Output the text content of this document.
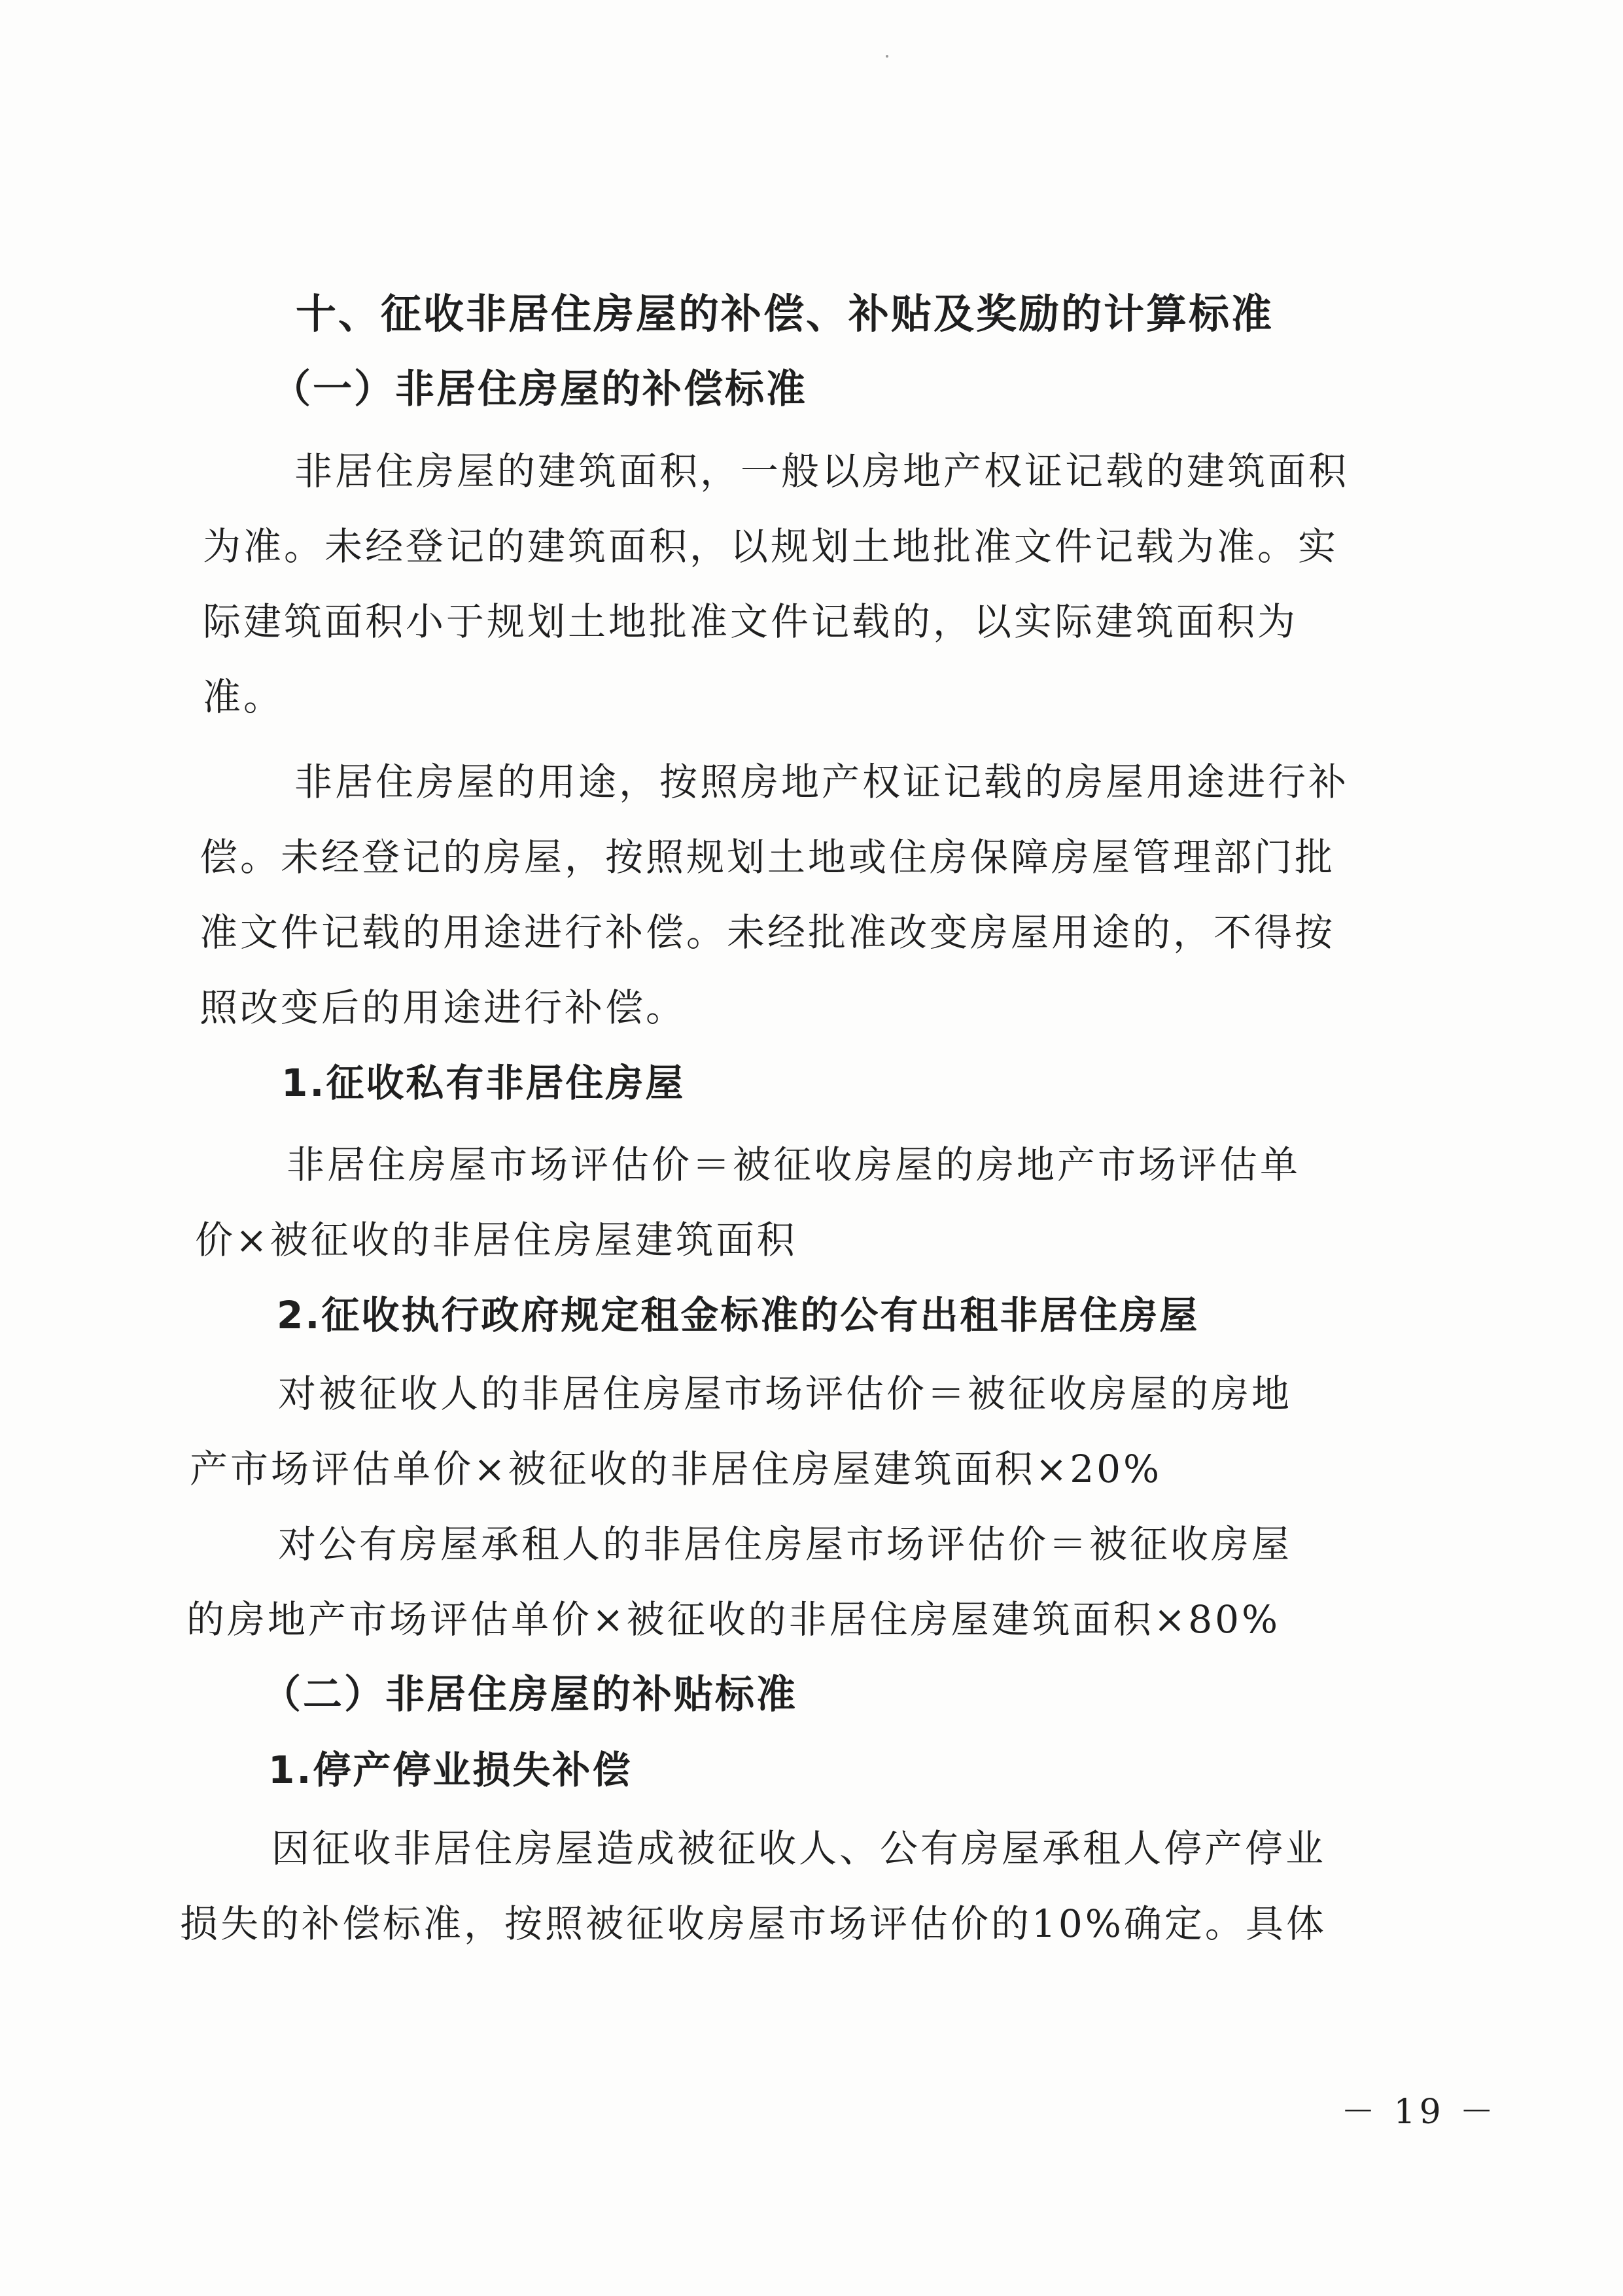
十、征收非居住房屋的补偿、补贴及奖励的计算标准
（一）非居住房屋的补偿标准
非居住房屋的建筑面积，一般以房地产权证记载的建筑面积
为准。未经登记的建筑面积，以规划土地批准文件记载为准。实
际建筑面积小于规划土地批准文件记载的，以实际建筑面积为
准。
非居住房屋的用途，按照房地产权证记载的房屋用途进行补
偿。未经登记的房屋，按照规划土地或住房保障房屋管理部门批
准文件记载的用途进行补偿。未经批准改变房屋用途的，不得按
照改变后的用途进行补偿。
1.征收私有非居住房屋
非居住房屋市场评估价＝被征收房屋的房地产市场评估单
价×被征收的非居住房屋建筑面积
2.征收执行政府规定租金标准的公有出租非居住房屋
对被征收人的非居住房屋市场评估价＝被征收房屋的房地
产市场评估单价×被征收的非居住房屋建筑面积×20%
对公有房屋承租人的非居住房屋市场评估价＝被征收房屋
的房地产市场评估单价×被征收的非居住房屋建筑面积×80%
（二）非居住房屋的补贴标准
1.停产停业损失补偿
因征收非居住房屋造成被征收人、公有房屋承租人停产停业
损失的补偿标准，按照被征收房屋市场评估价的10%确定。具体
－ 19 －
